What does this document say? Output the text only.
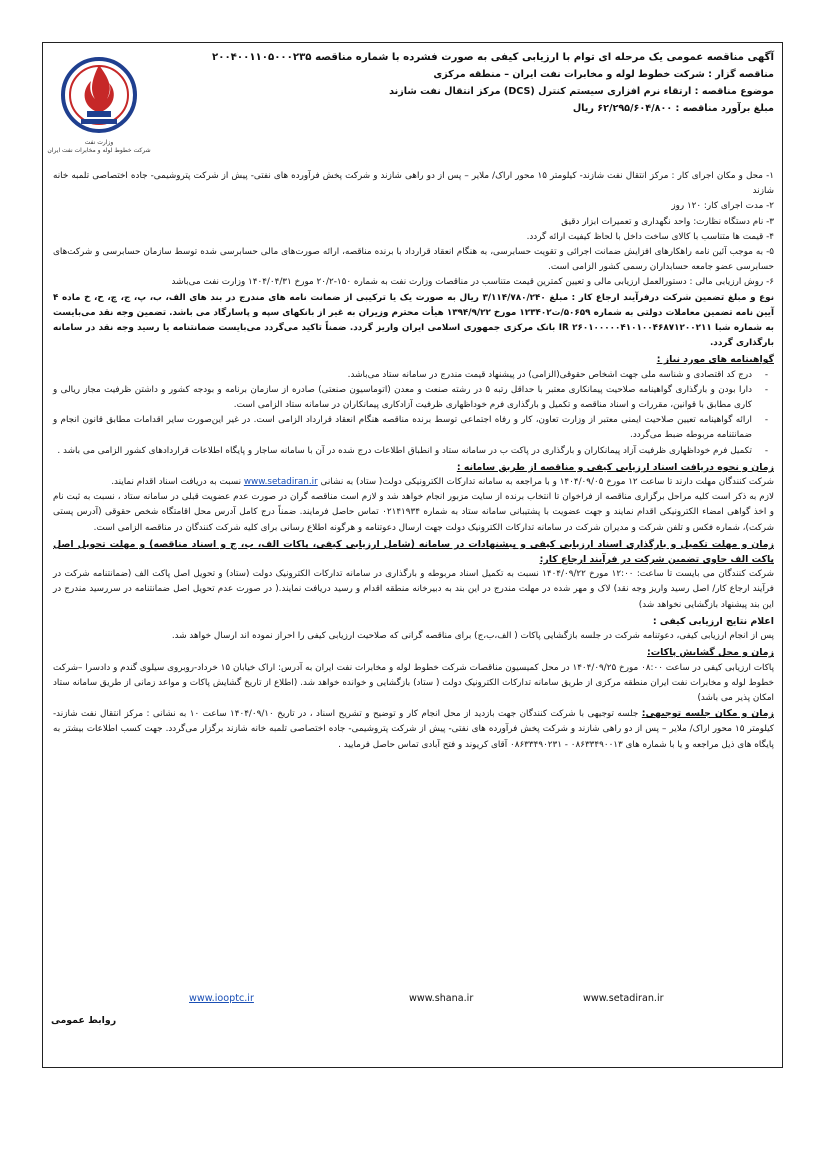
وزارت نفت
شرکت خطوط لوله و مخابرات نفت ایران
آگهی مناقصه عمومی یک مرحله ای توام با ارزیابی کیفی به صورت فشرده با شماره مناقصه ۲۰۰۴۰۰۱۱۰۵۰۰۰۲۳۵
مناقصه گزار : شرکت خطوط لوله و مخابرات نفت ایران – منطقه مرکزی
موضوع مناقصه : ارتقاء نرم افزاری سیستم کنترل (DCS) مرکز انتقال نفت شازند
مبلغ برآورد مناقصه : ۶۲/۲۹۵/۶۰۴/۸۰۰ ریال

۱- محل و مکان اجرای کار : مرکز انتقال نفت شازند- کیلومتر ۱۵ محور اراک/ ملایر – پس از دو راهی شازند و شرکت پخش فرآورده های نفتی- پیش از شرکت پتروشیمی- جاده اختصاصی تلمبه خانه شازند

۲- مدت اجرای کار: ۱۲۰ روز

۳- نام دستگاه نظارت: واحد نگهداری و تعمیرات ابزار دقیق

۴- قیمت ها متناسب با کالای ساخت داخل با لحاظ کیفیت ارائه گردد.

۵- به موجب آئین نامه راهکارهای افزایش ضمانت اجرائی و تقویت حسابرسی، به هنگام انعقاد قرارداد با برنده مناقصه، ارائه صورت‌های مالی حسابرسی شده توسط سازمان حسابرسی و شرکت‌های حسابرسی عضو جامعه حسابداران رسمی کشور الزامی است.

۶- روش ارزیابی مالی : دستورالعمل ارزیابی مالی و تعیین کمترین قیمت متناسب در مناقصات وزارت نفت به شماره ۱۵۰-۲۰/۲ مورخ ۱۴۰۴/۰۴/۳۱ وزارت نفت می‌باشد

نوع و مبلغ تضمین شرکت درفرآیند ارجاع کار : مبلغ ۳/۱۱۴/۷۸۰/۲۴۰ ریال به صورت یک یا ترکیبی از ضمانت نامه های مندرج در بند های الف، ب، پ، ج، چ، ح، خ ماده ۴ آیین نامه تضمین معاملات دولتی به شماره ۵۰۶۵۹/ت۱۲۳۴۰۲ مورخ ۱۳۹۴/۹/۲۲ هیأت محترم وزیران به غیر از بانکهای سپه و پاسارگاد می باشد. تضمین وجه نقد می‌بایست به شماره شبا IR ۲۶۰۱۰۰۰۰۰۴۱۰۱۰۰۴۶۸۷۱۲۰۰۲۱۱ بانک مرکزی جمهوری اسلامی ایران واریز گردد. ضمناً تاکید می‌گردد می‌بایست ضمانتنامه یا رسید وجه نقد در سامانه بارگذاری گردد.

گواهینامه های مورد نیاز :
- درج کد اقتصادی و شناسه ملی جهت اشخاص حقوقی(الزامی) در پیشنهاد قیمت مندرج در سامانه ستاد می‌باشد.
- دارا بودن و بارگذاری گواهینامه صلاحیت پیمانکاری معتبر با حداقل رتبه ۵ در رشته صنعت و معدن (اتوماسیون صنعتی) صادره از سازمان برنامه و بودجه کشور و داشتن ظرفیت مجاز ریالی و کاری مطابق با قوانین، مقررات و اسناد مناقصه و تکمیل و بارگذاری فرم خوداظهاری ظرفیت آزادکاری پیمانکاران در سامانه ستاد الزامی است.
- ارائه گواهینامه تعیین صلاحیت ایمنی معتبر از وزارت تعاون، کار و رفاه اجتماعی توسط برنده مناقصه هنگام انعقاد قرارداد الزامی است. در غیر این‌صورت سایر اقدامات مطابق قانون انجام و ضمانتنامه مربوطه ضبط می‌گردد.
- تکمیل فرم خوداظهاری ظرفیت آزاد پیمانکاران و بارگذاری در پاکت ب در سامانه ستاد و انطباق اطلاعات درج شده در آن با سامانه ساجار و پایگاه اطلاعات قراردادهای کشور الزامی می باشد .
زمان و نحوه دریافت اسناد ارزیابی کیفی و مناقصه از طریق سامانه :

شرکت کنندگان مهلت دارند تا ساعت ۱۲ مورخ ۱۴۰۴/۰۹/۰۵ و با مراجعه به سامانه تدارکات الکترونیکی دولت( ستاد) به نشانی www.setadiran.ir نسبت به دریافت اسناد اقدام نمایند.

لازم به ذکر است کلیه مراحل برگزاری مناقصه از فراخوان تا انتخاب برنده از سایت مزبور انجام خواهد شد و لازم است مناقصه گران در صورت عدم عضویت قبلی در سامانه ستاد ، نسبت به ثبت نام و اخذ گواهی امضاء الکترونیکی اقدام نمایند و جهت عضویت با پشتیبانی سامانه ستاد به شماره ۰۲۱۴۱۹۳۴ تماس حاصل فرمایند. ضمناً درج کامل آدرس محل اقامتگاه شخص حقوقی (آدرس پستی شرکت)، شماره فکس و تلفن شرکت و مدیران شرکت در سامانه تدارکات الکترونیک دولت جهت ارسال دعوتنامه و هرگونه اطلاع رسانی برای کلیه شرکت کنندگان در مناقصه الزامی است.

زمان و مهلت تکمیل و بارگذاری اسناد ارزیابی کیفی و پیشنهادات در سامانه (شامل ارزیابی کیفی، پاکات الف، ب، ج و اسناد مناقصه) و مهلت تحویل اصل پاکت الف حاوی تضمین شرکت در فرآیند ارجاع کار:

شرکت کنندگان می بایست تا ساعت: ۱۲:۰۰ مورخ ۱۴۰۴/۰۹/۲۲ نسبت به تکمیل اسناد مربوطه و بارگذاری در سامانه تدارکات الکترونیک دولت (ستاد) و تحویل اصل پاکت الف (ضمانتنامه شرکت در فرآیند ارجاع کار/ اصل رسید واریز وجه نقد) لاک و مهر شده در مهلت مندرج در این بند به دبیرخانه منطقه اقدام و رسید دریافت نمایند.( در صورت عدم تحویل اصل ضمانتنامه در سررسید مندرج در این بند پیشنهاد بازگشایی نخواهد شد)

اعلام نتایج ارزیابی کیفی :

پس از انجام ارزیابی کیفی، دعوتنامه شرکت در جلسه بازگشایی پاکات ( الف،ب،ج) برای مناقصه گرانی که صلاحیت ارزیابی کیفی را احراز نموده اند ارسال خواهد شد.

زمان و محل گشایش پاکات:

پاکات ارزیابی کیفی در ساعت ۰۸:۰۰ مورخ ۱۴۰۴/۰۹/۲۵ در محل کمیسیون مناقصات شرکت خطوط لوله و مخابرات نفت ایران به آدرس: اراک خیابان ۱۵ خرداد-روبروی سیلوی گندم و دادسرا –شرکت خطوط لوله و مخابرات نفت ایران منطقه مرکزی از طریق سامانه تدارکات الکترونیک دولت ( ستاد) بازگشایی و خوانده خواهد شد. (اطلاع از تاریخ گشایش پاکات و مواعد زمانی از طریق سامانه ستاد امکان پذیر می باشد)

زمان و مکان جلسه توجیهی: جلسه توجیهی با شرکت کنندگان جهت بازدید از محل انجام کار و توضیح و تشریح اسناد ، در تاریخ ۱۴۰۴/۰۹/۱۰ ساعت ۱۰ به نشانی : مرکز انتقال نفت شازند- کیلومتر ۱۵ محور اراک/ ملایر – پس از دو راهی شازند و شرکت پخش فرآورده های نفتی- پیش از شرکت پتروشیمی- جاده اختصاصی تلمبه خانه شازند برگزار می‌گردد. جهت کسب اطلاعات بیشتر به پایگاه های ذیل مراجعه و یا با شماره های ۰۸۶۳۳۴۹۰۰۱۳ - ۰۸۶۳۳۴۹۰۲۳۱ آقای کریوند و فتح آبادی تماس حاصل فرمایید .

www.iooptc.ir	www.shana.ir	www.setadiran.ir
روابط عمومی
